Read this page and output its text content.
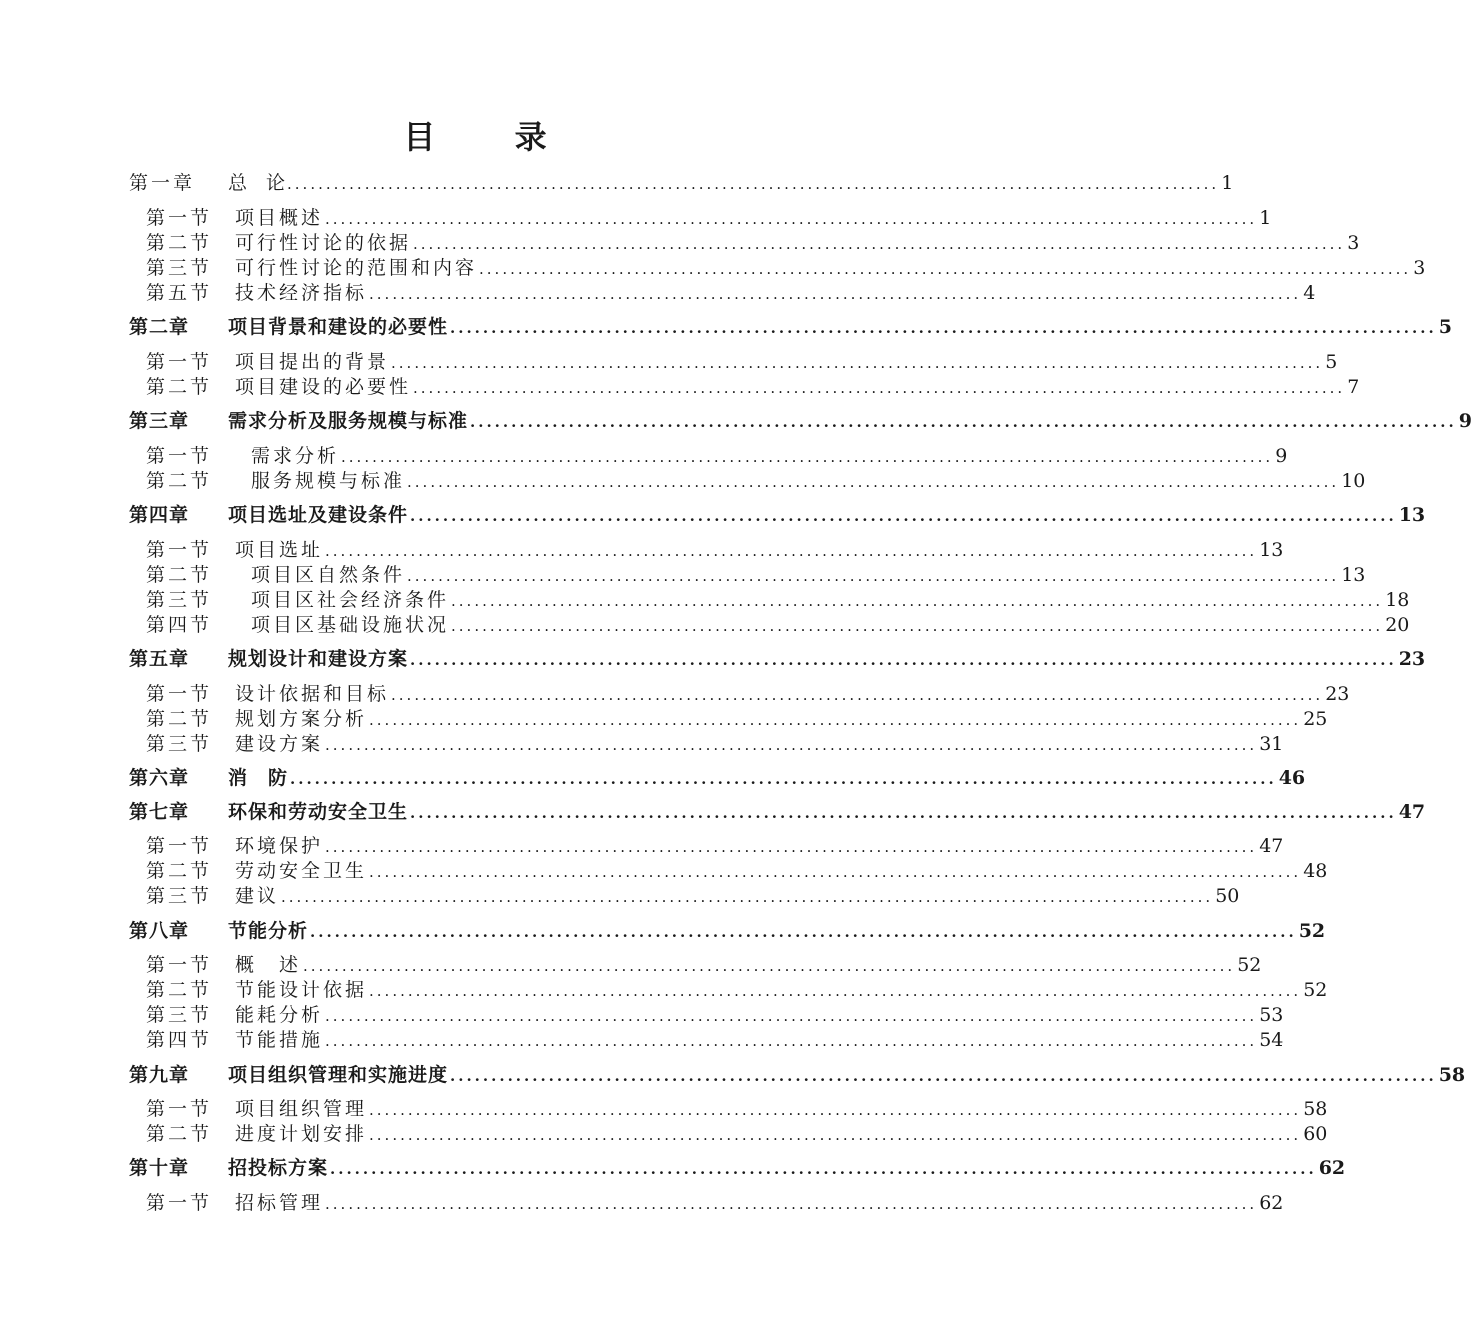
目 录
第一章	总　论 ........................................................................................................................ 1
第一节	项目概述 ........................................................................................................................ 1
第二节	可行性讨论的依据 ........................................................................................................................ 3
第三节	可行性讨论的范围和内容 ........................................................................................................................ 3
第五节	技术经济指标 ........................................................................................................................ 4
第二章	项目背景和建设的必要性 ........................................................................................................................ 5
第一节	项目提出的背景 ........................................................................................................................ 5
第二节	项目建设的必要性 ........................................................................................................................ 7
第三章	需求分析及服务规模与标准 ........................................................................................................................ 9
第一节	需求分析 ........................................................................................................................ 9
第二节	服务规模与标准 ........................................................................................................................ 10
第四章	项目选址及建设条件 ........................................................................................................................ 13
第一节	项目选址 ........................................................................................................................ 13
第二节	项目区自然条件 ........................................................................................................................ 13
第三节	项目区社会经济条件 ........................................................................................................................ 18
第四节	项目区基础设施状况 ........................................................................................................................ 20
第五章	规划设计和建设方案 ........................................................................................................................ 23
第一节	设计依据和目标 ........................................................................................................................ 23
第二节	规划方案分析 ........................................................................................................................ 25
第三节	建设方案 ........................................................................................................................ 31
第六章	消　防 ........................................................................................................................ 46
第七章	环保和劳动安全卫生 ........................................................................................................................ 47
第一节	环境保护 ........................................................................................................................ 47
第二节	劳动安全卫生 ........................................................................................................................ 48
第三节	建议 ........................................................................................................................ 50
第八章	节能分析 ........................................................................................................................ 52
第一节	概　述 ........................................................................................................................ 52
第二节	节能设计依据 ........................................................................................................................ 52
第三节	能耗分析 ........................................................................................................................ 53
第四节	节能措施 ........................................................................................................................ 54
第九章	项目组织管理和实施进度 ........................................................................................................................ 58
第一节	项目组织管理 ........................................................................................................................ 58
第二节	进度计划安排 ........................................................................................................................ 60
第十章	招投标方案 ........................................................................................................................ 62
第一节	招标管理 ........................................................................................................................ 62
